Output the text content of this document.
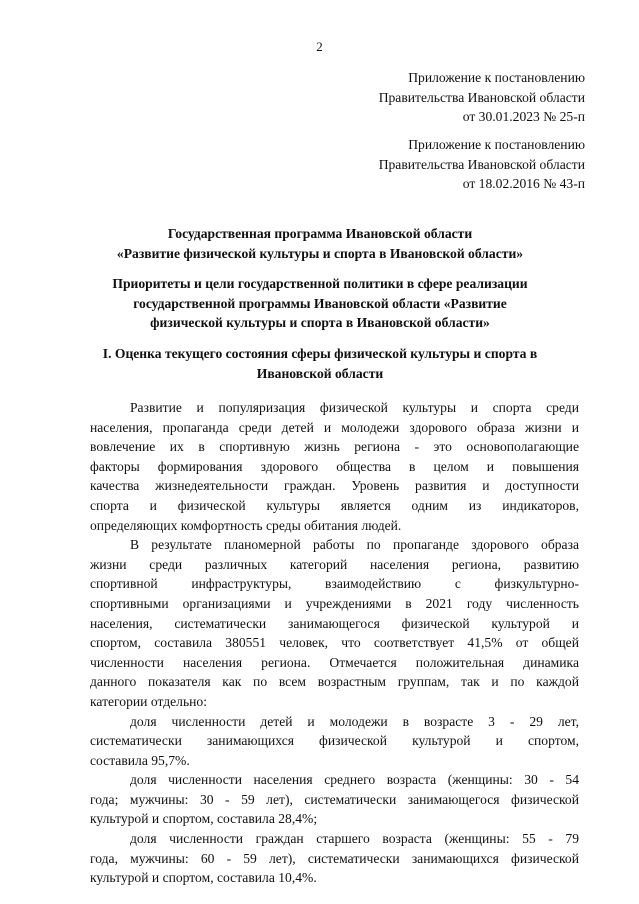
2
Приложение к постановлению
Правительства Ивановской области
от 30.01.2023 № 25-п
Приложение к постановлению
Правительства Ивановской области
от 18.02.2016 № 43-п
Государственная программа Ивановской области
«Развитие физической культуры и спорта в Ивановской области»
Приоритеты и цели государственной политики в сфере реализации
государственной программы Ивановской области «Развитие
физической культуры и спорта в Ивановской области»
I. Оценка текущего состояния сферы физической культуры и спорта в
Ивановской области
Развитие и популяризация физической культуры и спорта среди
населения, пропаганда среди детей и молодежи здорового образа жизни и
вовлечение их в спортивную жизнь региона - это основополагающие
факторы формирования здорового общества в целом и повышения
качества жизнедеятельности граждан. Уровень развития и доступности
спорта и физической культуры является одним из индикаторов,
определяющих комфортность среды обитания людей.
В результате планомерной работы по пропаганде здорового образа
жизни среди различных категорий населения региона, развитию
спортивной инфраструктуры, взаимодействию с физкультурно-
спортивными организациями и учреждениями в 2021 году численность
населения, систематически занимающегося физической культурой и
спортом, составила 380551 человек, что соответствует 41,5% от общей
численности населения региона. Отмечается положительная динамика
данного показателя как по всем возрастным группам, так и по каждой
категории отдельно:
доля численности детей и молодежи в возрасте 3 - 29 лет,
систематически занимающихся физической культурой и спортом,
составила 95,7%.
доля численности населения среднего возраста (женщины: 30 - 54
года; мужчины: 30 - 59 лет), систематически занимающегося физической
культурой и спортом, составила 28,4%;
доля численности граждан старшего возраста (женщины: 55 - 79
года, мужчины: 60 - 59 лет), систематически занимающихся физической
культурой и спортом, составила 10,4%.
